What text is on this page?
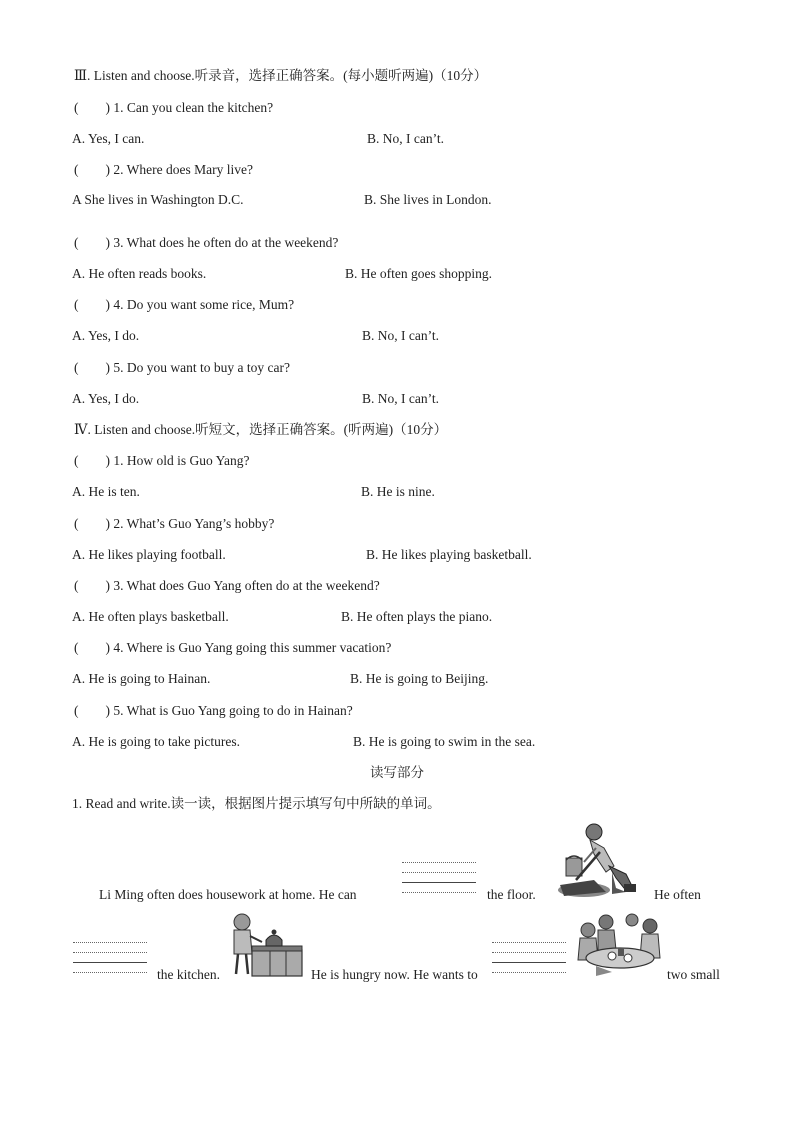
Ⅲ. Listen and choose.听录音，选择正确答案。(每小题听两遍)（10分）
(　　) 1. Can you clean the kitchen?
A. Yes, I can.	B. No, I can’t.
(　　) 2. Where does Mary live?
A She lives in Washington D.C.	B. She lives in London.
(　　) 3. What does he often do at the weekend?
A. He often reads books.	B. He often goes shopping.
(　　) 4. Do you want some rice, Mum?
A. Yes, I do.	B. No, I can’t.
(　　) 5. Do you want to buy a toy car?
A. Yes, I do.	B. No, I can’t.
Ⅳ. Listen and choose.听短文，选择正确答案。(听两遍)（10分）
(　　) 1. How old is Guo Yang?
A. He is ten.	B. He is nine.
(　　) 2. What’s Guo Yang’s hobby?
A. He likes playing football.	B. He likes playing basketball.
(　　) 3. What does Guo Yang often do at the weekend?
A. He often plays basketball.	B. He often plays the piano.
(　　) 4. Where is Guo Yang going this summer vacation?
A. He is going to Hainan.	B. He is going to Beijing.
(　　) 5. What is Guo Yang going to do in Hainan?
A. He is going to take pictures.	B. He is going to swim in the sea.
读写部分
1. Read and write.读一读，根据图片提示填写句中所缺的单词。
Li Ming often does housework at home. He can	the floor.	He often
the kitchen.	He is hungry now. He wants to	two small
